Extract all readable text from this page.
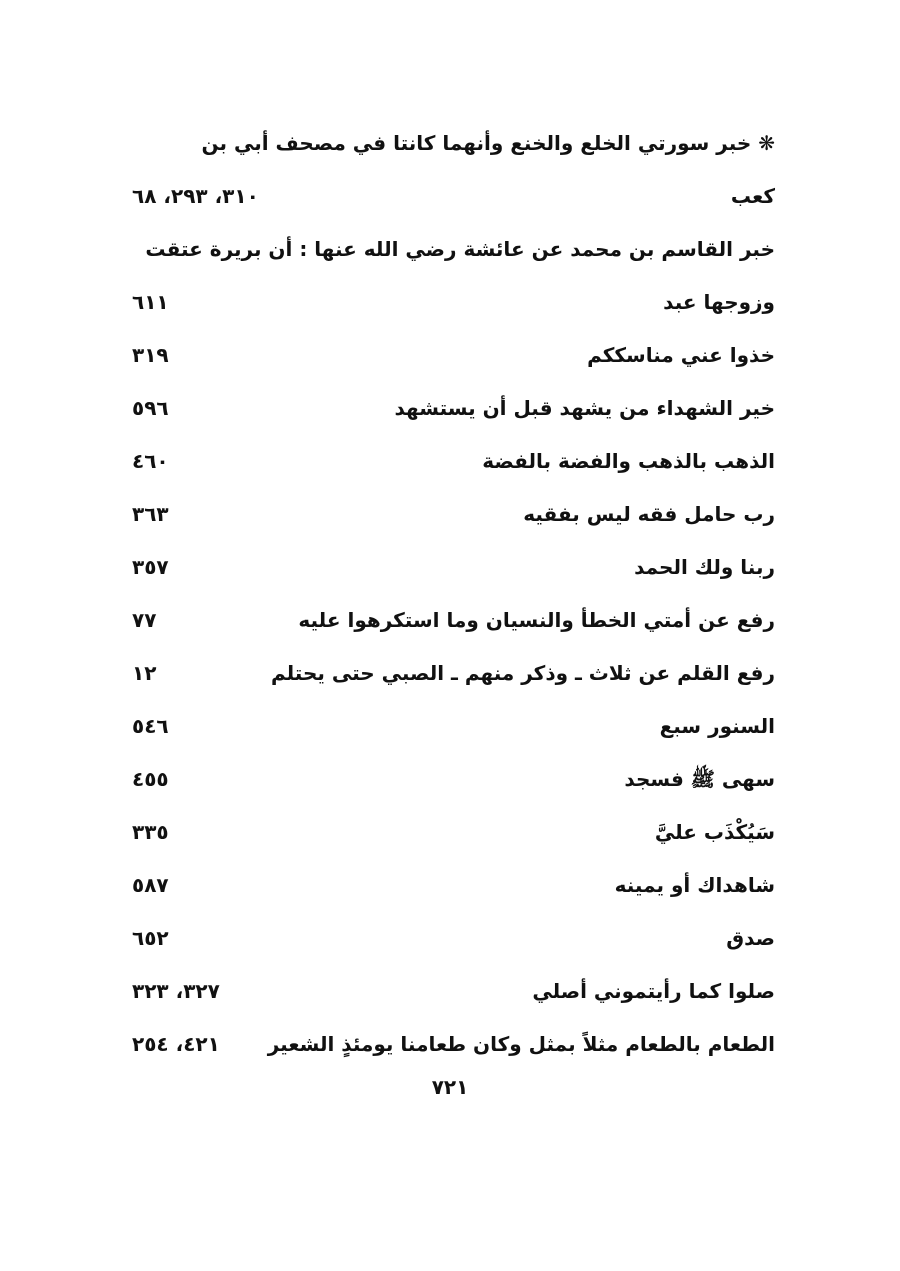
❋ خبر سورتي الخلع والخنع وأنهما كانتا في مصحف أبي بن
كعب
٣١٠، ٢٩٣، ٦٨
خبر القاسم بن محمد عن عائشة رضي الله عنها : أن بريرة عتقت
وزوجها عبد
٦١١
خذوا عني مناسككم
٣١٩
خير الشهداء من يشهد قبل أن يستشهد
٥٩٦
الذهب بالذهب والفضة بالفضة
٤٦٠
رب حامل فقه ليس بفقيه
٣٦٣
ربنا ولك الحمد
٣٥٧
رفع عن أمتي الخطأ والنسيان وما استكرهوا عليه
٧٧
رفع القلم عن ثلاث ـ وذكر منهم ـ الصبي حتى يحتلم
١٢
السنور سبع
٥٤٦
سهى ﷺ فسجد
٤٥٥
سَيُكْذَب عليَّ
٣٣٥
شاهداك أو يمينه
٥٨٧
صدق
٦٥٢
صلوا كما رأيتموني أصلي
٣٢٧، ٣٢٣
الطعام بالطعام مثلاً بمثل وكان طعامنا يومئذٍ الشعير
٤٢١، ٢٥٤
٧٢١
